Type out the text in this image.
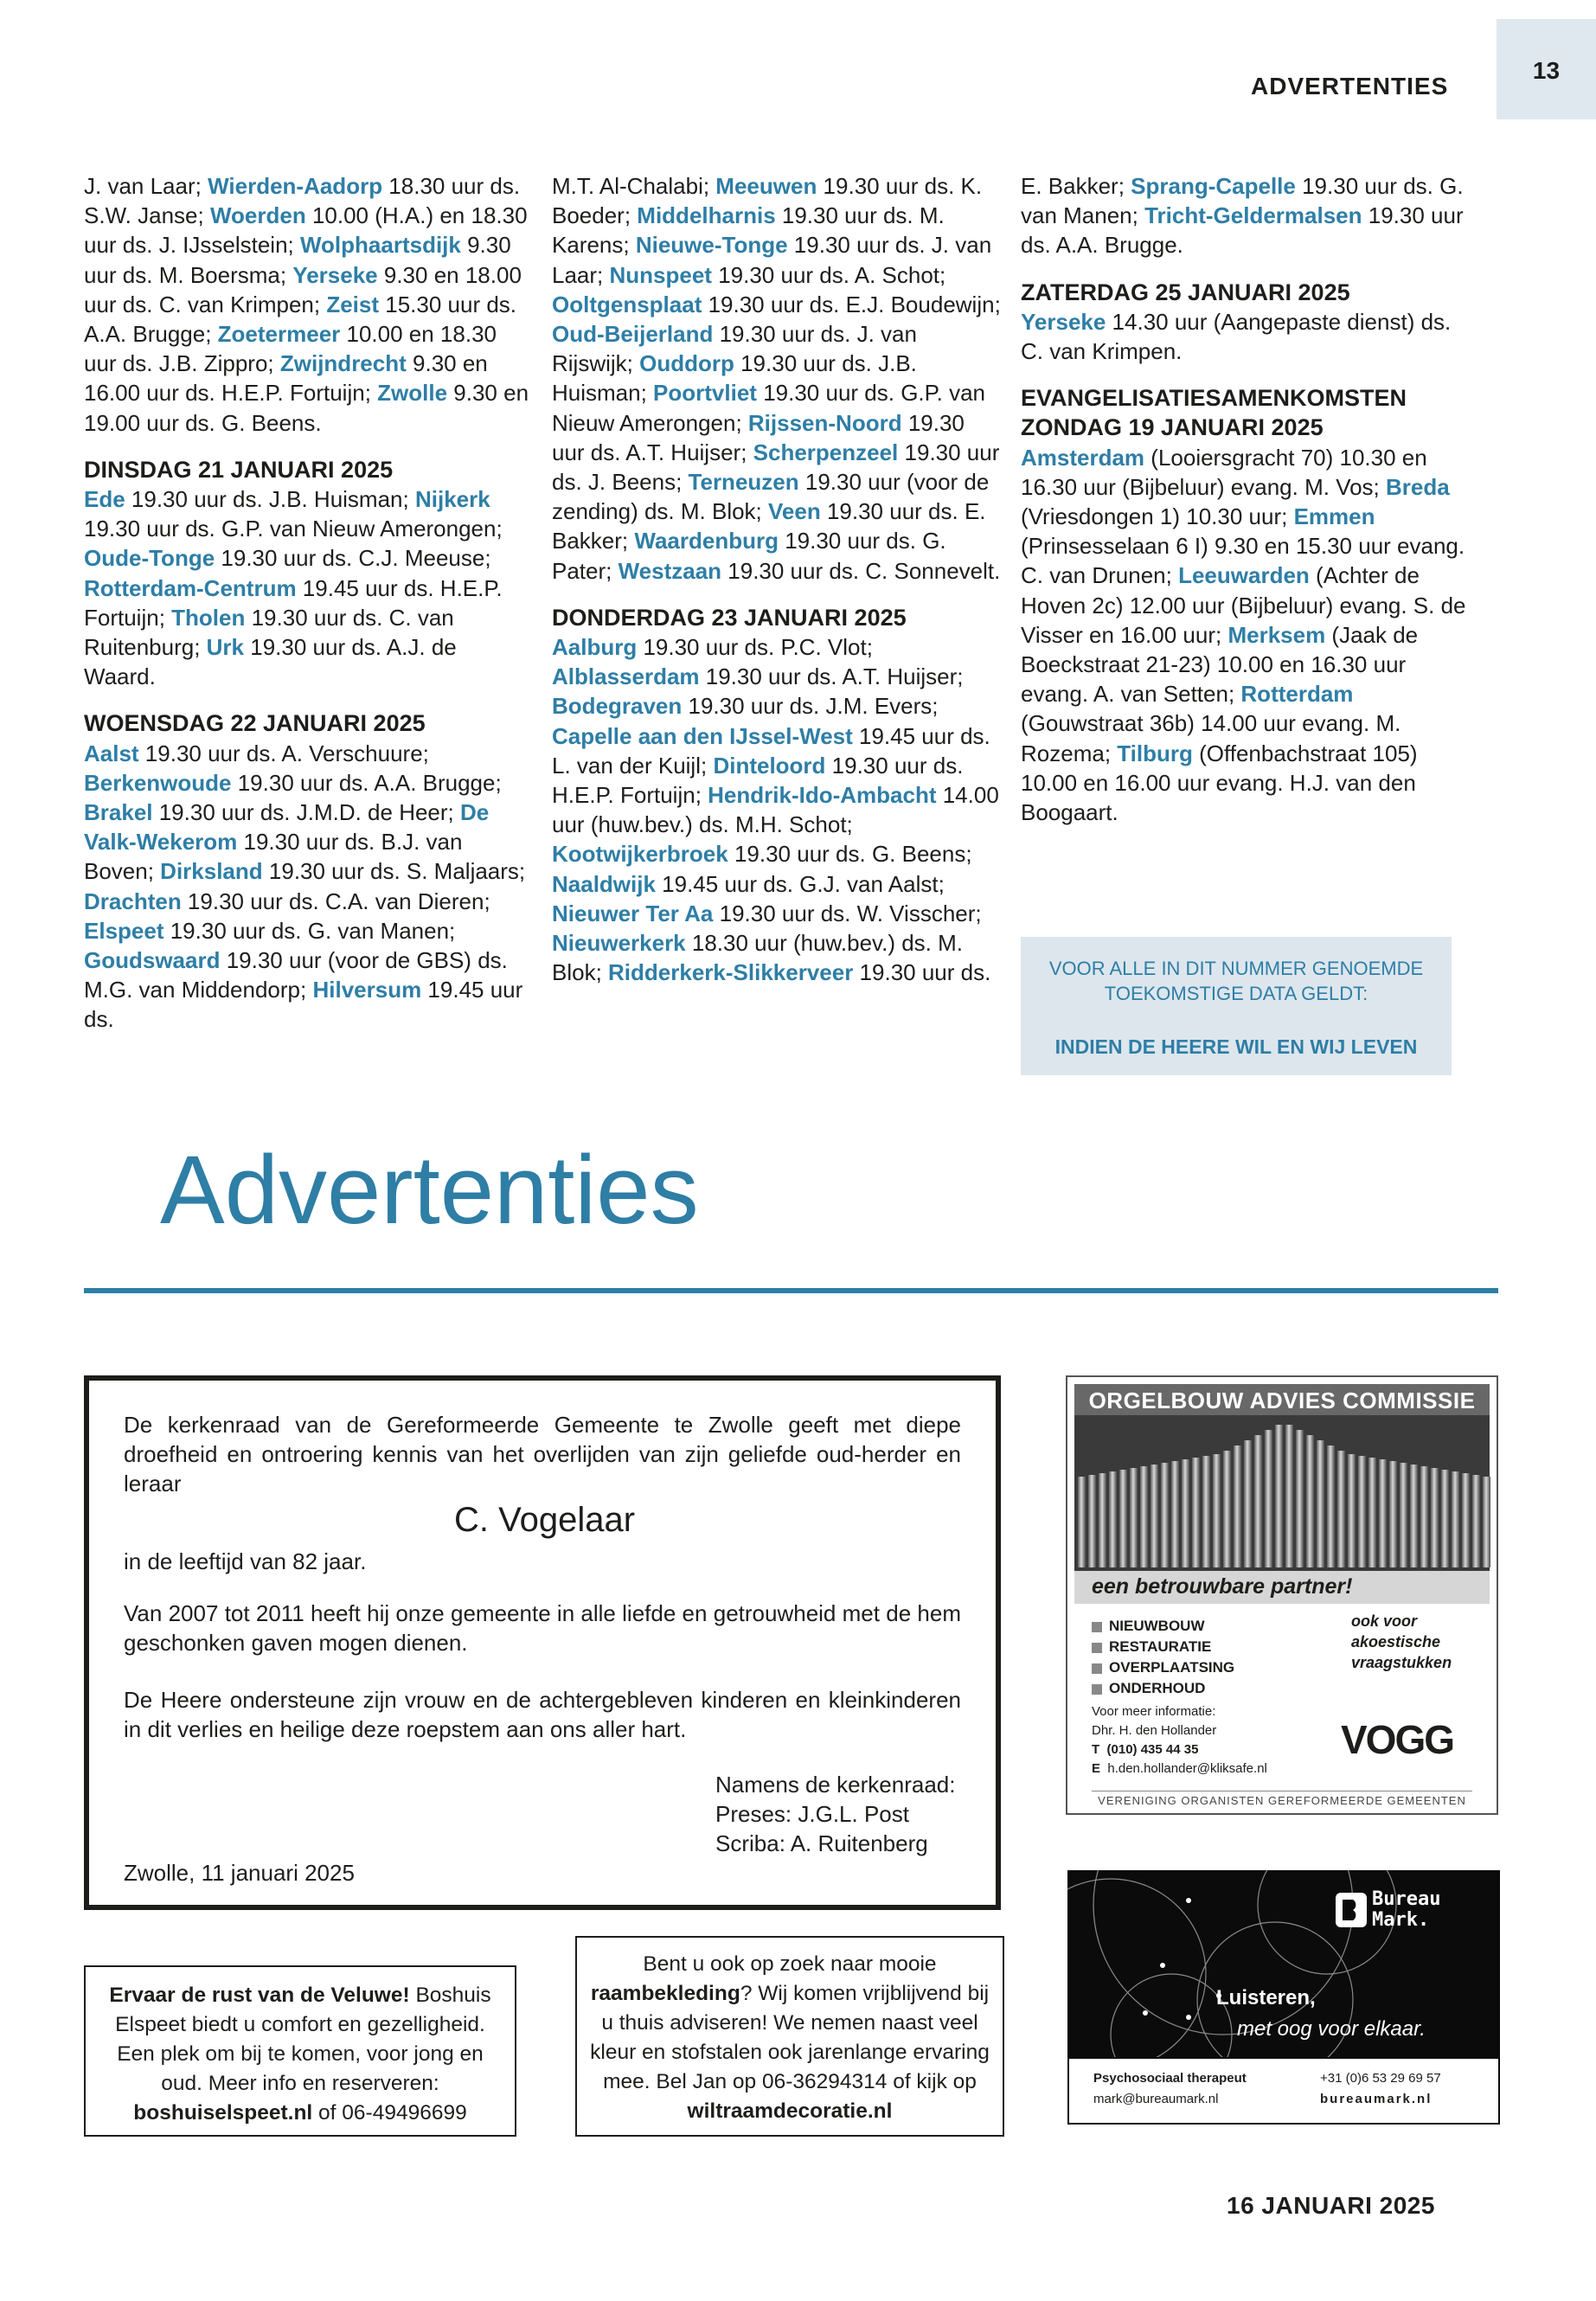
ADVERTENTIES
13

J. van Laar; Wierden-Aadorp 18.30 uur ds. S.W. Janse; Woerden 10.00 (H.A.) en 18.30 uur ds. J. IJsselstein; Wolphaartsdijk 9.30 uur ds. M. Boersma; Yerseke 9.30 en 18.00 uur ds. C. van Krimpen; Zeist 15.30 uur ds. A.A. Brugge; Zoetermeer 10.00 en 18.30 uur ds. J.B. Zippro; Zwijndrecht 9.30 en 16.00 uur ds. H.E.P. Fortuijn; Zwolle 9.30 en 19.00 uur ds. G. Beens.

DINSDAG 21 JANUARI 2025

Ede 19.30 uur ds. J.B. Huisman; Nijkerk 19.30 uur ds. G.P. van Nieuw Amerongen; Oude-Tonge 19.30 uur ds. C.J. Meeuse; Rotterdam-Centrum 19.45 uur ds. H.E.P. Fortuijn; Tholen 19.30 uur ds. C. van Ruitenburg; Urk 19.30 uur ds. A.J. de Waard.

WOENSDAG 22 JANUARI 2025

Aalst 19.30 uur ds. A. Verschuure; Berkenwoude 19.30 uur ds. A.A. Brugge; Brakel 19.30 uur ds. J.M.D. de Heer; De Valk-Wekerom 19.30 uur ds. B.J. van Boven; Dirksland 19.30 uur ds. S. Maljaars; Drachten 19.30 uur ds. C.A. van Dieren; Elspeet 19.30 uur ds. G. van Manen; Goudswaard 19.30 uur (voor de GBS) ds. M.G. van Middendorp; Hilversum 19.45 uur ds.

M.T. Al-Chalabi; Meeuwen 19.30 uur ds. K. Boeder; Middelharnis 19.30 uur ds. M. Karens; Nieuwe-Tonge 19.30 uur ds. J. van Laar; Nunspeet 19.30 uur ds. A. Schot; Ooltgensplaat 19.30 uur ds. E.J. Boudewijn; Oud-Beijerland 19.30 uur ds. J. van Rijswijk; Ouddorp 19.30 uur ds. J.B. Huisman; Poortvliet 19.30 uur ds. G.P. van Nieuw Amerongen; Rijssen-Noord 19.30 uur ds. A.T. Huijser; Scherpenzeel 19.30 uur ds. J. Beens; Terneuzen 19.30 uur (voor de zending) ds. M. Blok; Veen 19.30 uur ds. E. Bakker; Waardenburg 19.30 uur ds. G. Pater; Westzaan 19.30 uur ds. C. Sonnevelt.

DONDERDAG 23 JANUARI 2025

Aalburg 19.30 uur ds. P.C. Vlot; Alblasserdam 19.30 uur ds. A.T. Huijser; Bodegraven 19.30 uur ds. J.M. Evers; Capelle aan den IJssel-West 19.45 uur ds. L. van der Kuijl; Dinteloord 19.30 uur ds. H.E.P. Fortuijn; Hendrik-Ido-Ambacht 14.00 uur (huw.bev.) ds. M.H. Schot; Kootwijkerbroek 19.30 uur ds. G. Beens; Naaldwijk 19.45 uur ds. G.J. van Aalst; Nieuwer Ter Aa 19.30 uur ds. W. Visscher; Nieuwerkerk 18.30 uur (huw.bev.) ds. M. Blok; Ridderkerk-Slikkerveer 19.30 uur ds.

E. Bakker; Sprang-Capelle 19.30 uur ds. G. van Manen; Tricht-Geldermalsen 19.30 uur ds. A.A. Brugge.

ZATERDAG 25 JANUARI 2025

Yerseke 14.30 uur (Aangepaste dienst) ds. C. van Krimpen.

EVANGELISATIESAMENKOMSTEN
ZONDAG 19 JANUARI 2025

Amsterdam (Looiersgracht 70) 10.30 en 16.30 uur (Bijbeluur) evang. M. Vos; Breda (Vriesdongen 1) 10.30 uur; Emmen (Prinsesselaan 6 I) 9.30 en 15.30 uur evang. C. van Drunen; Leeuwarden (Achter de Hoven 2c) 12.00 uur (Bijbeluur) evang. S. de Visser en 16.00 uur; Merksem (Jaak de Boeckstraat 21-23) 10.00 en 16.30 uur evang. A. van Setten; Rotterdam (Gouwstraat 36b) 14.00 uur evang. M. Rozema; Tilburg (Offenbachstraat 105) 10.00 en 16.00 uur evang. H.J. van den Boogaart.

VOOR ALLE IN DIT NUMMER GENOEMDE
TOEKOMSTIGE DATA GELDT:
INDIEN DE HEERE WIL EN WIJ LEVEN
Advertenties
De kerkenraad van de Gereformeerde Gemeente te Zwolle geeft met diepe droefheid en ontroering kennis van het overlijden van zijn geliefde oud-herder en leraar
C. Vogelaar
in de leeftijd van 82 jaar.
Van 2007 tot 2011 heeft hij onze gemeente in alle liefde en getrouwheid met de hem geschonken gaven mogen dienen.
De Heere ondersteune zijn vrouw en de achtergebleven kinderen en kleinkinderen in dit verlies en heilige deze roepstem aan ons aller hart.
Namens de kerkenraad:
Preses: J.G.L. Post
Scriba: A. Ruitenberg
Zwolle, 11 januari 2025
Ervaar de rust van de Veluwe! Boshuis Elspeet biedt u comfort en gezelligheid. Een plek om bij te komen, voor jong en oud. Meer info en reserveren: boshuiselspeet.nl of 06-49496699
Bent u ook op zoek naar mooie raambekleding? Wij komen vrijblijvend bij u thuis adviseren! We nemen naast veel kleur en stofstalen ook jarenlange ervaring mee. Bel Jan op 06-36294314 of kijk op wiltraamdecoratie.nl
ORGELBOUW ADVIES COMMISSIE
een betrouwbare partner!
NIEUWBOUW
RESTAURATIE
OVERPLAATSING
ONDERHOUD
ook voor
akoestische
vraagstukken
Voor meer informatie:
Dhr. H. den Hollander
T (010) 435 44 35
E h.den.hollander@kliksafe.nl
VOGG
VERENIGING ORGANISTEN GEREFORMEERDE GEMEENTEN
Bureau
Mark.
Luisteren,
met oog voor elkaar.
Psychosociaal therapeut
mark@bureaumark.nl
+31 (0)6 53 29 69 57
bureaumark.nl
16 JANUARI 2025
